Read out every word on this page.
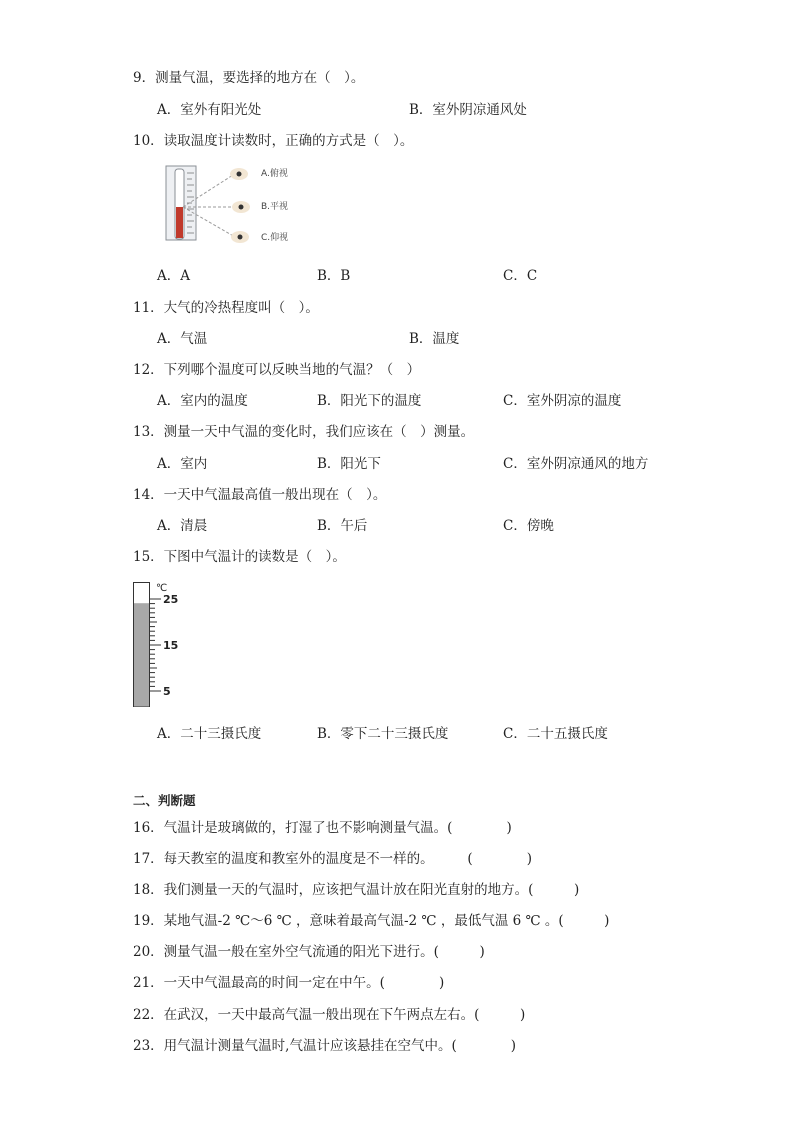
9．测量气温，要选择的地方在（　）。
A．室外有阳光处	B．室外阴凉通风处
10．读取温度计读数时，正确的方式是（　）。
A.俯视
B.平视
C.仰视
A．A	B．B	C．C
11．大气的冷热程度叫（　）。
A．气温	B．温度
12．下列哪个温度可以反映当地的气温？（　）
A．室内的温度	B．阳光下的温度	C．室外阴凉的温度
13．测量一天中气温的变化时，我们应该在（　）测量。
A．室内	B．阳光下	C．室外阴凉通风的地方
14．一天中气温最高值一般出现在（　）。
A．清晨	B．午后	C．傍晚
15．下图中气温计的读数是（　）。
℃
25
15
5
A．二十三摄氏度	B．零下二十三摄氏度	C．二十五摄氏度
二、判断题
16．气温计是玻璃做的，打湿了也不影响测量气温。(　　　　)
17．每天教室的温度和教室外的温度是不一样的。　　　(　　　　)
18．我们测量一天的气温时，应该把气温计放在阳光直射的地方。(　　　)
19．某地气温-2 ℃～6 ℃ ，意味着最高气温-2 ℃ ，最低气温 6 ℃ 。(　　　)
20．测量气温一般在室外空气流通的阳光下进行。(　　　)
21．一天中气温最高的时间一定在中午。(　　　　)
22．在武汉，一天中最高气温一般出现在下午两点左右。(　　　)
23．用气温计测量气温时,气温计应该悬挂在空气中。(　　　　)
